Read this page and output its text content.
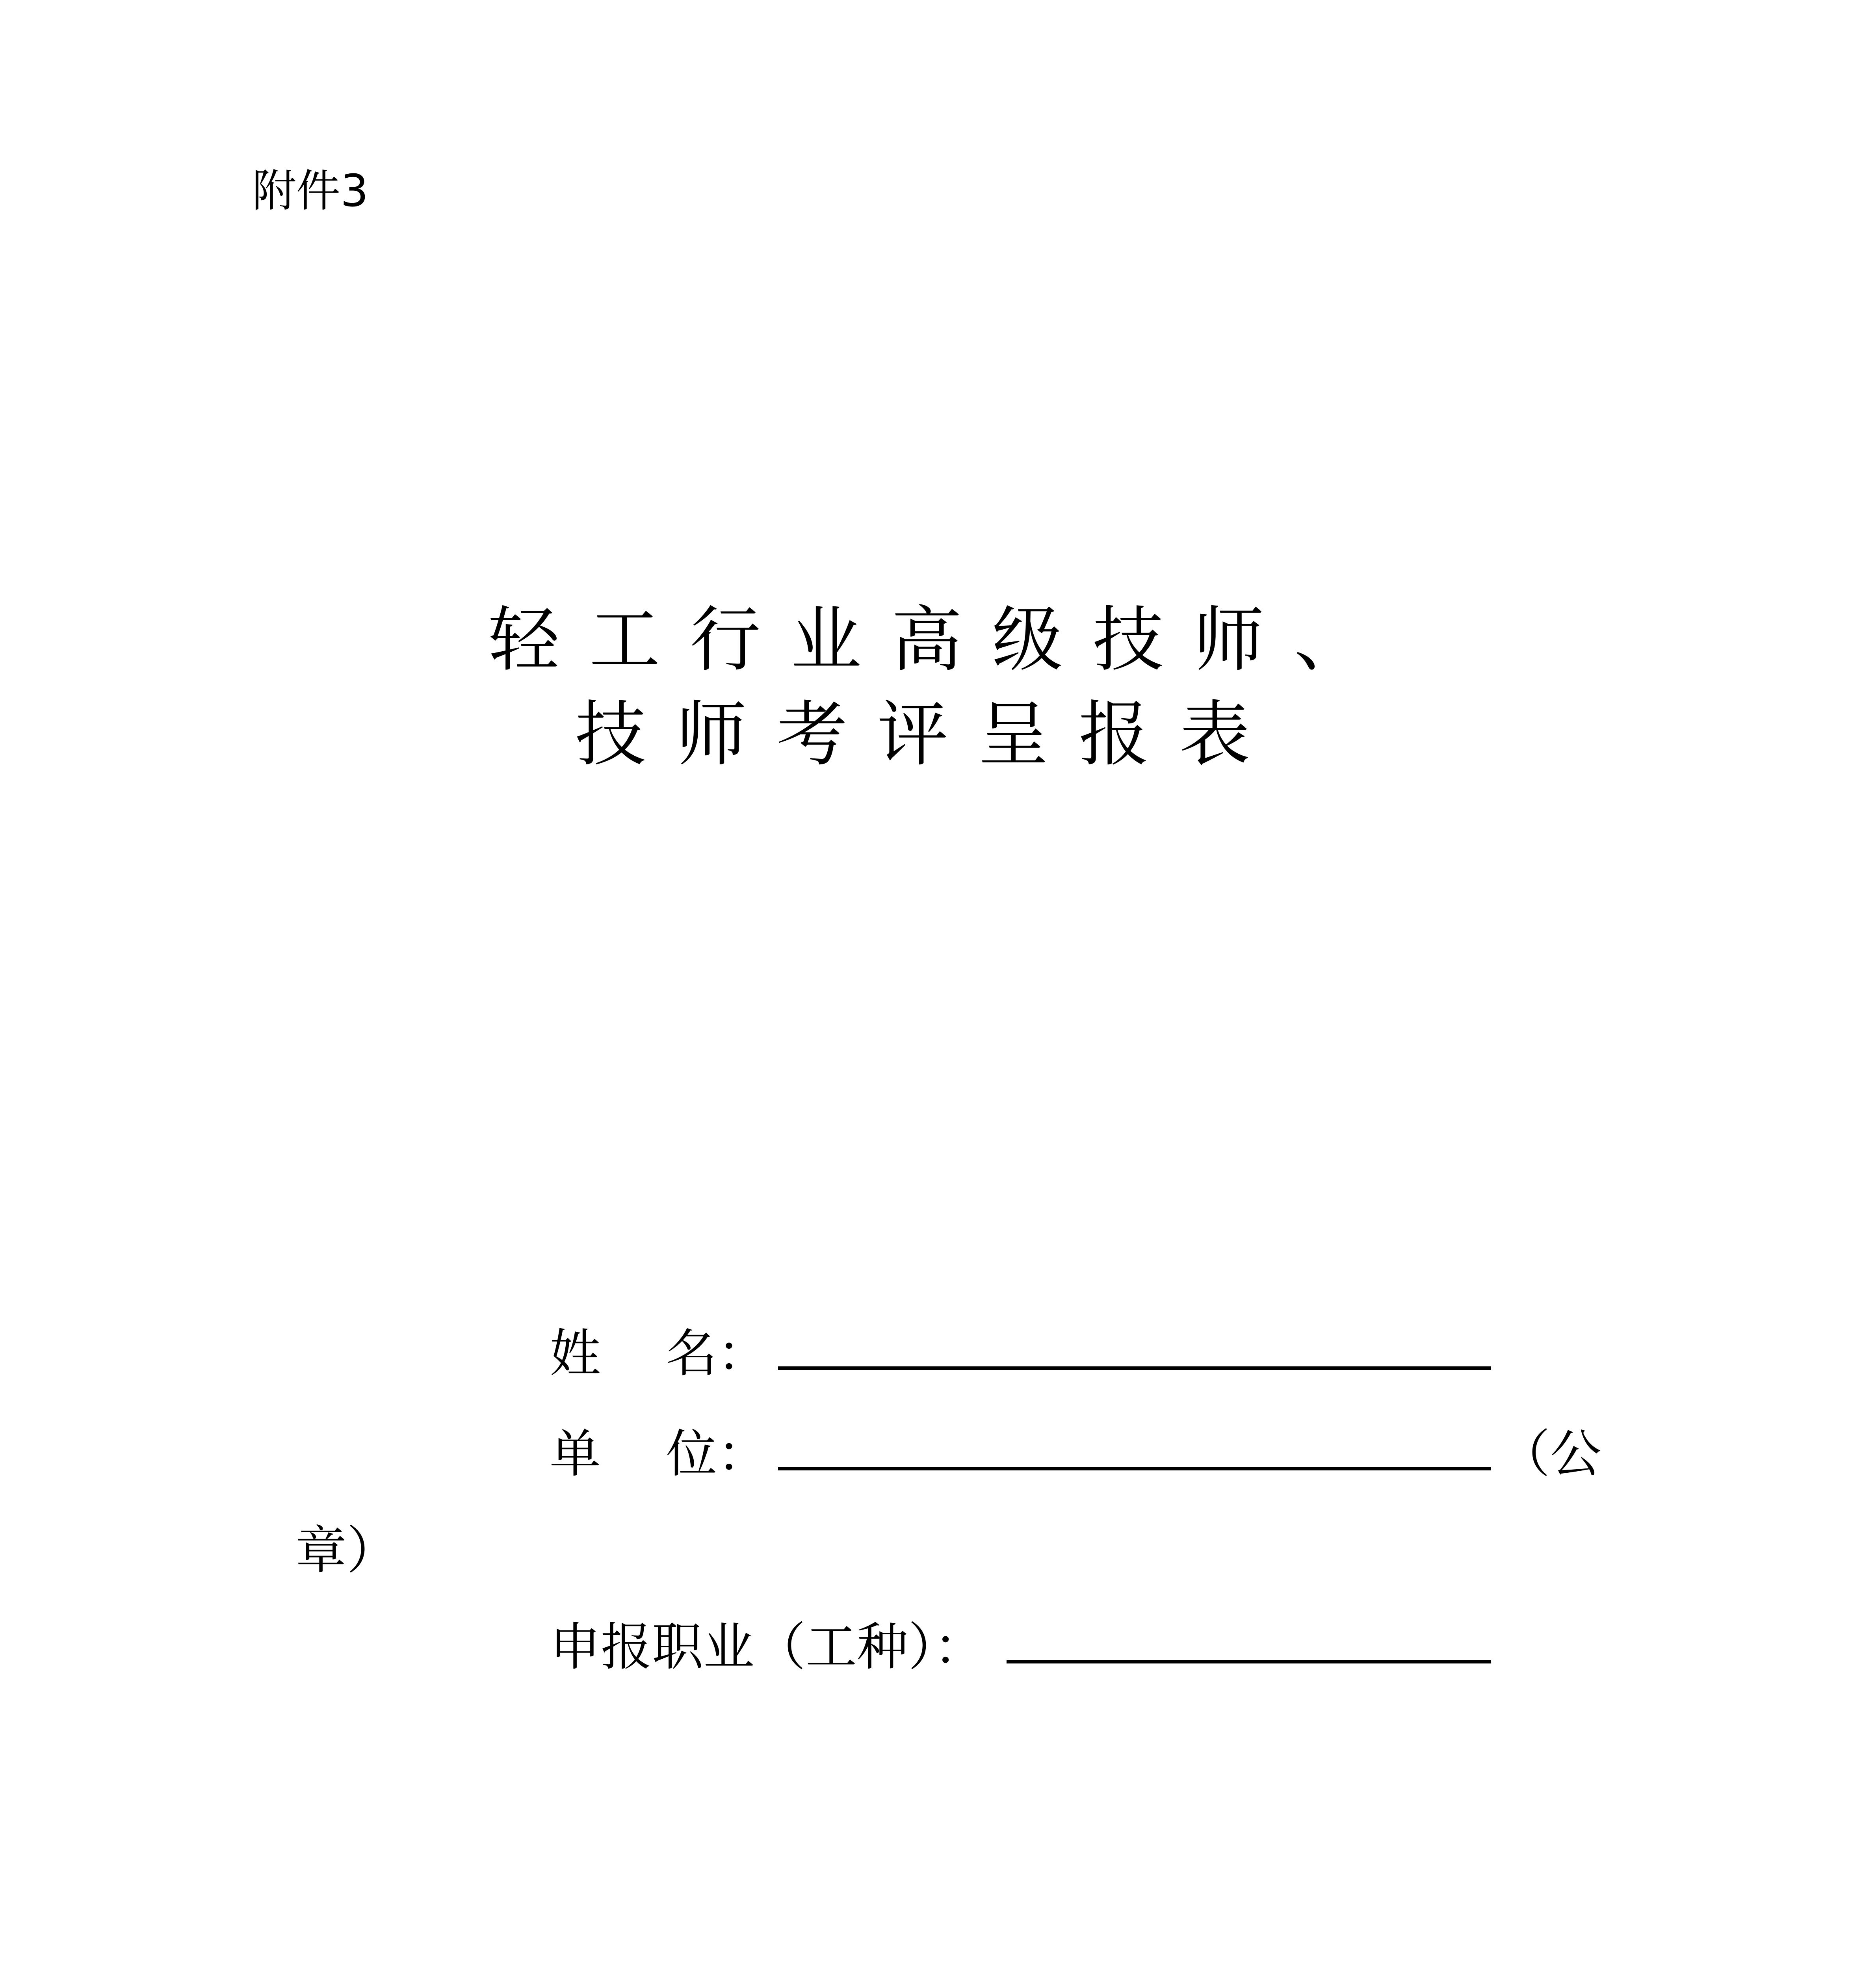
附件3
轻工行业高级技师、
技师考评呈报表
姓    名：
单    位：	（公
章）
申报职业（工种）：
